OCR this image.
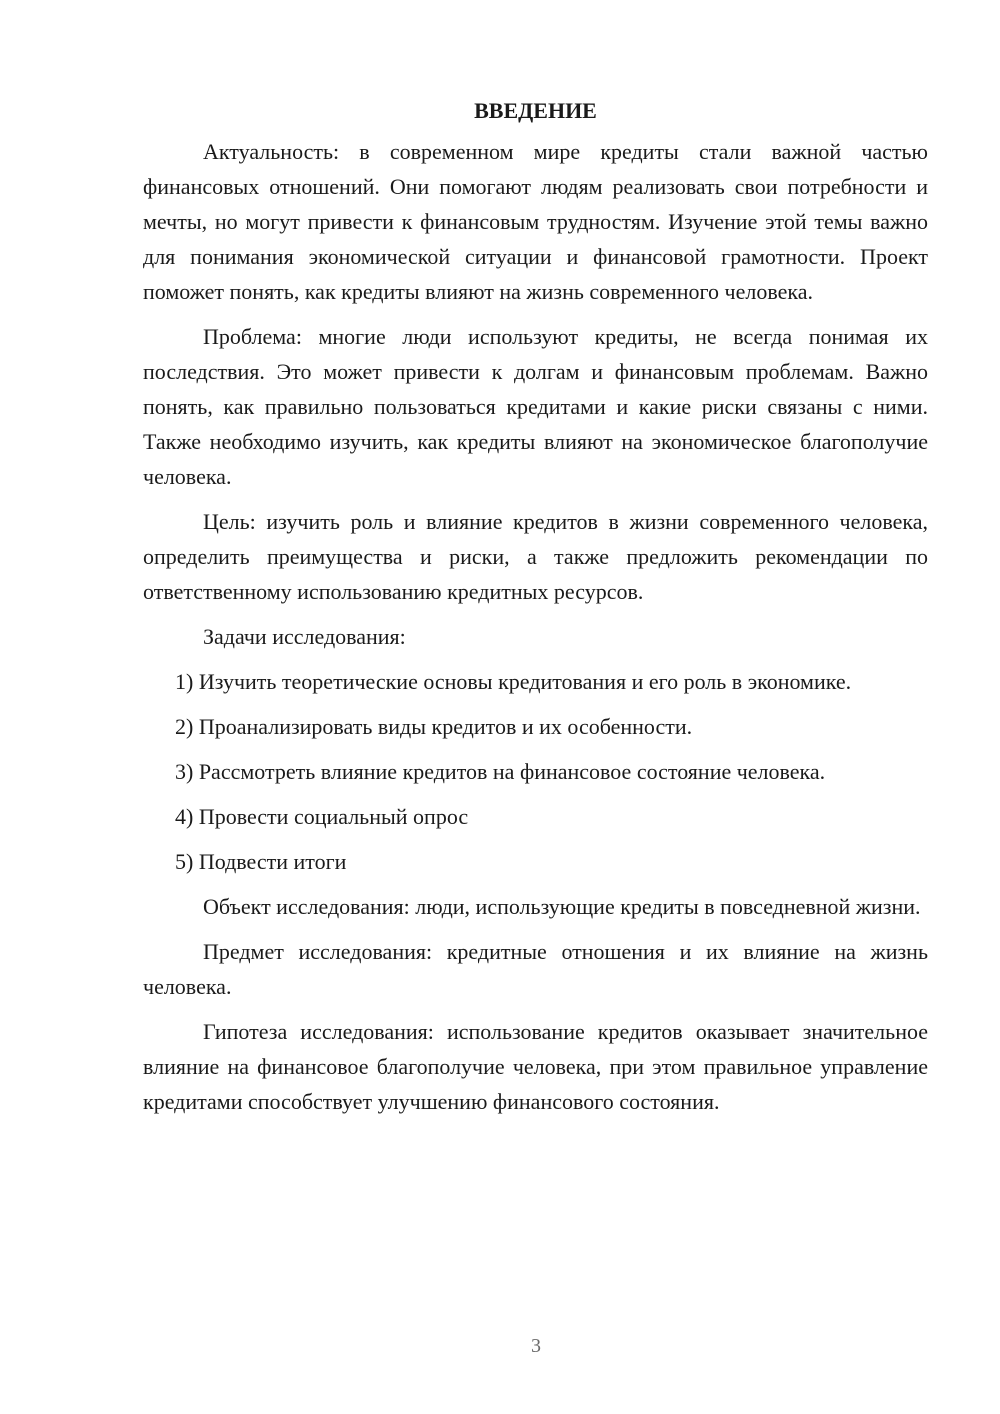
ВВЕДЕНИЕ

Актуальность: в современном мире кредиты стали важной частью финансовых отношений. Они помогают людям реализовать свои потребности и мечты, но могут привести к финансовым трудностям. Изучение этой темы важно для понимания экономической ситуации и финансовой грамотности. Проект поможет понять, как кредиты влияют на жизнь современного человека.

Проблема: многие люди используют кредиты, не всегда понимая их последствия. Это может привести к долгам и финансовым проблемам. Важно понять, как правильно пользоваться кредитами и какие риски связаны с ними. Также необходимо изучить, как кредиты влияют на экономическое благополучие человека.

Цель: изучить роль и влияние кредитов в жизни современного человека, определить преимущества и риски, а также предложить рекомендации по ответственному использованию кредитных ресурсов.

Задачи исследования:

1) Изучить теоретические основы кредитования и его роль в экономике.

2) Проанализировать виды кредитов и их особенности.

3) Рассмотреть влияние кредитов на финансовое состояние человека.

4) Провести социальный опрос

5) Подвести итоги

Объект исследования: люди, использующие кредиты в повседневной жизни.

Предмет исследования: кредитные отношения и их влияние на жизнь человека.

Гипотеза исследования: использование кредитов оказывает значительное влияние на финансовое благополучие человека, при этом правильное управление кредитами способствует улучшению финансового состояния.

3
